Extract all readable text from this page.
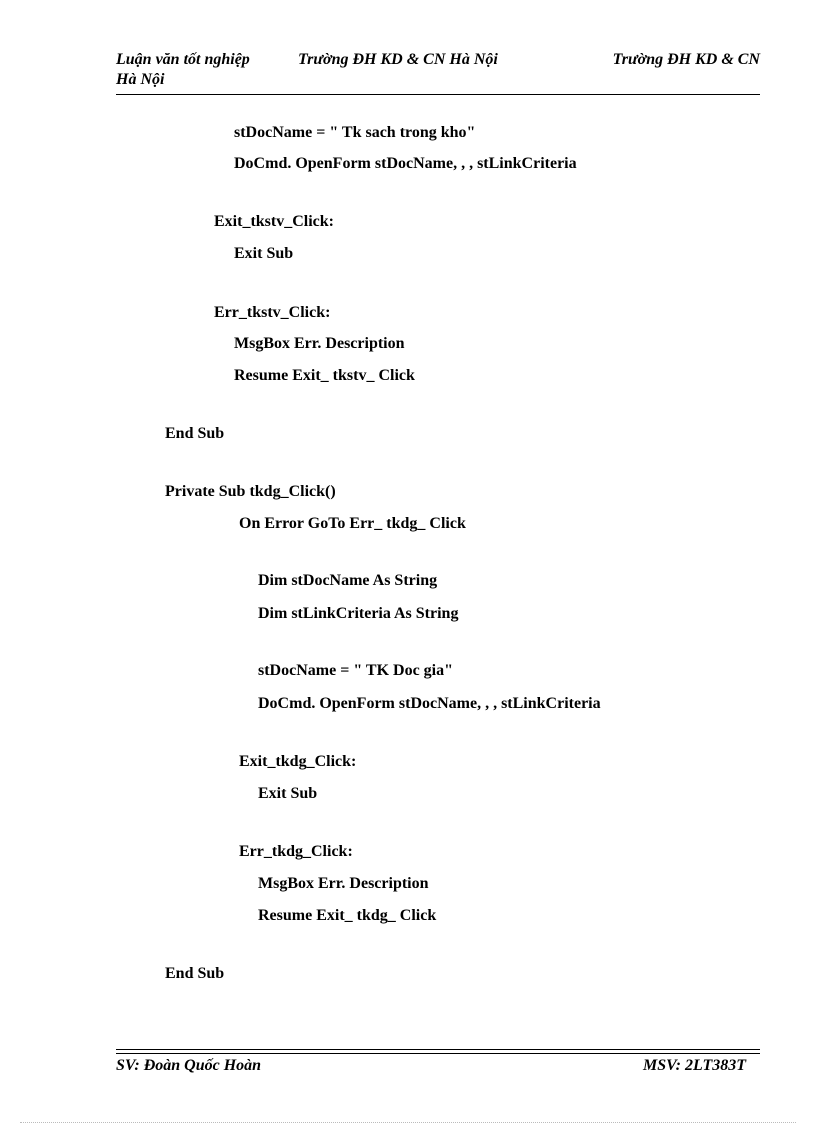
Luận văn tốt nghiệp	Trường ĐH KD & CN Hà Nội	Trường ĐH KD & CN
Hà Nội
stDocName = " Tk sach trong kho"
DoCmd. OpenForm stDocName, , , stLinkCriteria
Exit_tkstv_Click:
Exit Sub
Err_tkstv_Click:
MsgBox Err. Description
Resume Exit_ tkstv_ Click
End Sub
Private Sub tkdg_Click()
On Error GoTo Err_ tkdg_ Click
Dim stDocName As String
Dim stLinkCriteria As String
stDocName = " TK Doc gia"
DoCmd. OpenForm stDocName, , , stLinkCriteria
Exit_tkdg_Click:
Exit Sub
Err_tkdg_Click:
MsgBox Err. Description
Resume Exit_ tkdg_ Click
End Sub
SV: Đoàn Quốc Hoàn	MSV: 2LT383T
